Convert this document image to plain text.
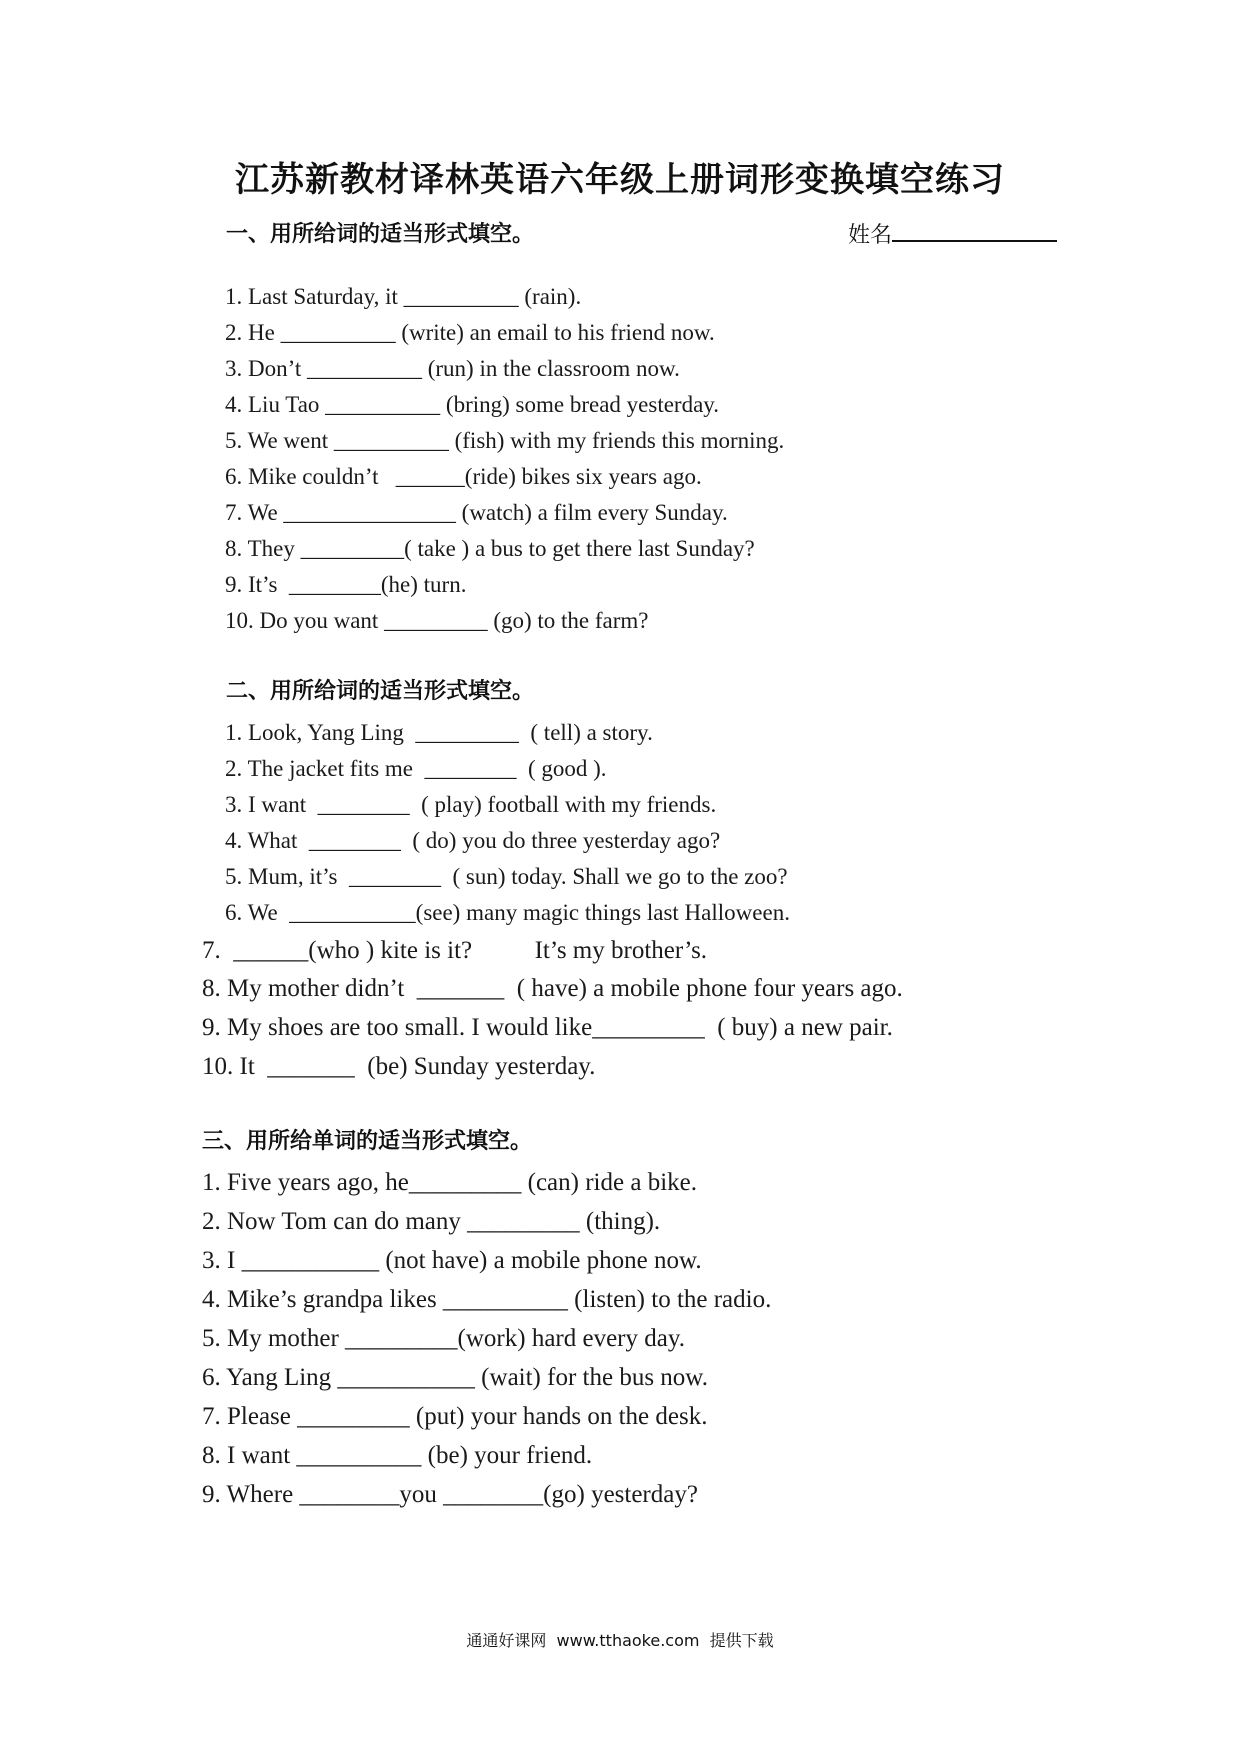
江苏新教材译林英语六年级上册词形变换填空练习
姓名
一、用所给词的适当形式填空。
1. Last Saturday, it __________ (rain).
2. He __________ (write) an email to his friend now.
3. Don’t __________ (run) in the classroom now.
4. Liu Tao __________ (bring) some bread yesterday.
5. We went __________ (fish) with my friends this morning.
6. Mike couldn’t   ______(ride) bikes six years ago.
7. We _______________ (watch) a film every Sunday.
8. They _________( take ) a bus to get there last Sunday?
9. It’s  ________(he) turn.
10. Do you want _________ (go) to the farm?
二、用所给词的适当形式填空。
1. Look, Yang Ling  _________  ( tell) a story.
2. The jacket fits me  ________  ( good ).
3. I want  ________  ( play) football with my friends.
4. What  ________  ( do) you do three yesterday ago?
5. Mum, it’s  ________  ( sun) today. Shall we go to the zoo?
6. We  ___________(see) many magic things last Halloween.
7.  ______(who ) kite is it?          It’s my brother’s.
8. My mother didn’t  _______  ( have) a mobile phone four years ago.
9. My shoes are too small. I would like_________  ( buy) a new pair.
10. It  _______  (be) Sunday yesterday.
三、用所给单词的适当形式填空。
1. Five years ago, he_________ (can) ride a bike.
2. Now Tom can do many _________ (thing).
3. I ___________ (not have) a mobile phone now.
4. Mike’s grandpa likes __________ (listen) to the radio.
5. My mother _________(work) hard every day.
6. Yang Ling ___________ (wait) for the bus now.
7. Please _________ (put) your hands on the desk.
8. I want __________ (be) your friend.
9. Where ________you ________(go) yesterday?
通通好课网  www.tthaoke.com  提供下载
